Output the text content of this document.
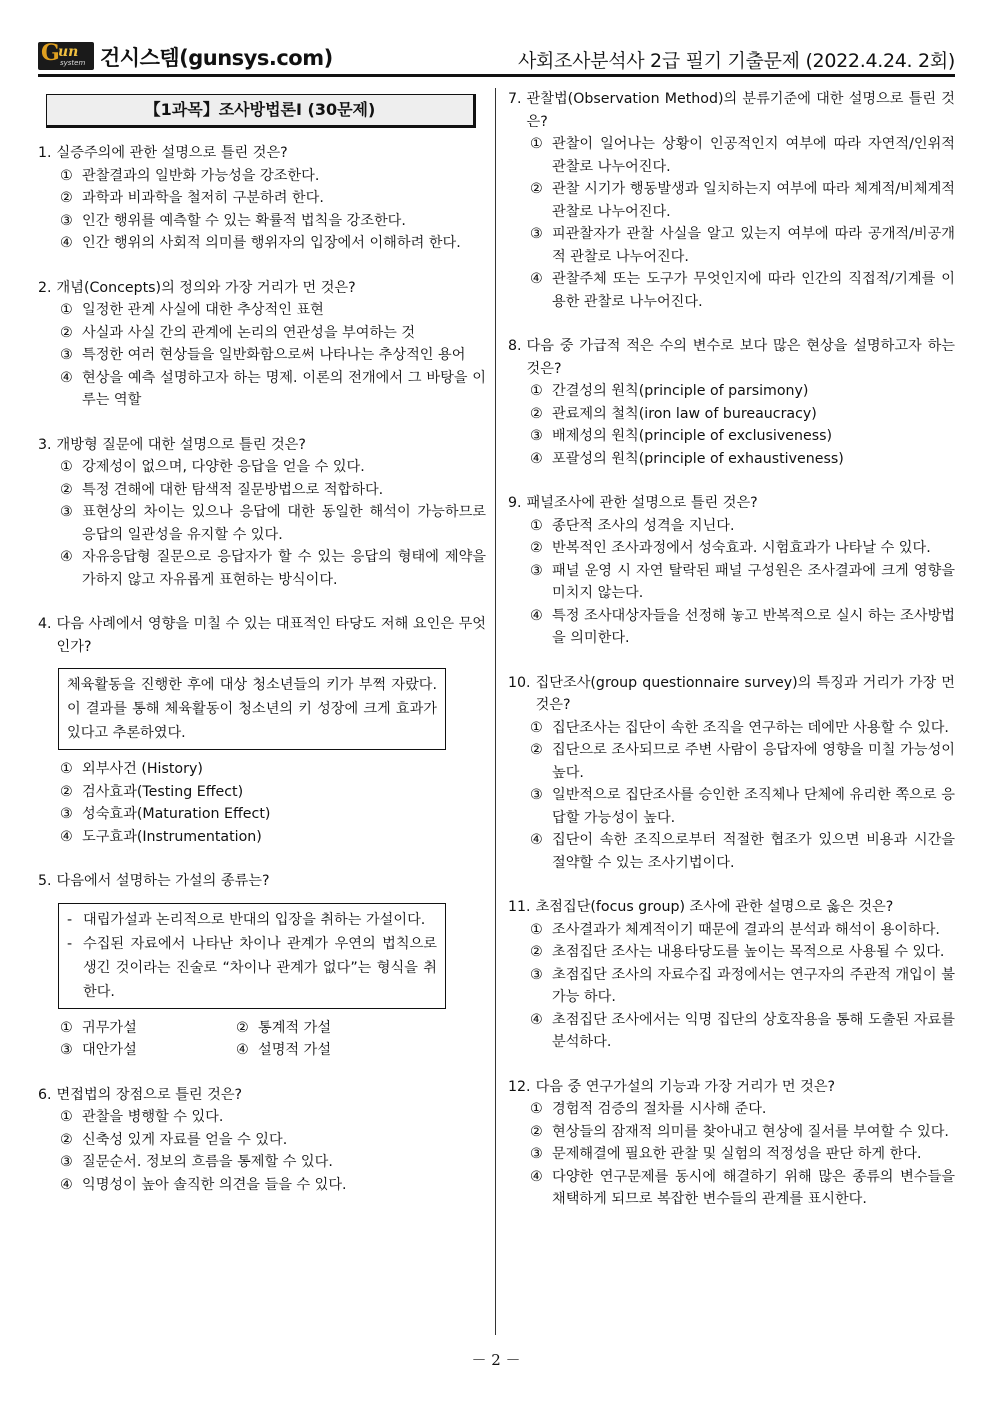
G
un
system 건시스템(gunsys.com)	사회조사분석사 2급 필기 기출문제 (2022.4.24. 2회)
【1과목】조사방법론Ⅰ (30문제)
1. 실증주의에 관한 설명으로 틀린 것은?
① 관찰결과의 일반화 가능성을 강조한다.
② 과학과 비과학을 철저히 구분하려 한다.
③ 인간 행위를 예측할 수 있는 확률적 법칙을 강조한다.
④ 인간 행위의 사회적 의미를 행위자의 입장에서 이해하려 한다.
2. 개념(Concepts)의 정의와 가장 거리가 먼 것은?
① 일정한 관계 사실에 대한 추상적인 표현
② 사실과 사실 간의 관계에 논리의 연관성을 부여하는 것
③ 특정한 여러 현상들을 일반화함으로써 나타나는 추상적인 용어
④ 현상을 예측 설명하고자 하는 명제. 이론의 전개에서 그 바탕을 이루는 역할
3. 개방형 질문에 대한 설명으로 틀린 것은?
① 강제성이 없으며, 다양한 응답을 얻을 수 있다.
② 특정 견해에 대한 탐색적 질문방법으로 적합하다.
③ 표현상의 차이는 있으나 응답에 대한 동일한 해석이 가능하므로 응답의 일관성을 유지할 수 있다.
④ 자유응답형 질문으로 응답자가 할 수 있는 응답의 형태에 제약을 가하지 않고 자유롭게 표현하는 방식이다.
4. 다음 사례에서 영향을 미칠 수 있는 대표적인 타당도 저해 요인은 무엇인가?
체육활동을 진행한 후에 대상 청소년들의 키가 부쩍 자랐다. 이 결과를 통해 체육활동이 청소년의 키 성장에 크게 효과가 있다고 추론하였다.
① 외부사건 (History)
② 검사효과(Testing Effect)
③ 성숙효과(Maturation Effect)
④ 도구효과(Instrumentation)
5. 다음에서 설명하는 가설의 종류는?
- 대립가설과 논리적으로 반대의 입장을 취하는 가설이다.
- 수집된 자료에서 나타난 차이나 관계가 우연의 법칙으로 생긴 것이라는 진술로 “차이나 관계가 없다”는 형식을 취한다.
① 귀무가설	② 통계적 가설
③ 대안가설	④ 설명적 가설
6. 면접법의 장점으로 틀린 것은?
① 관찰을 병행할 수 있다.
② 신축성 있게 자료를 얻을 수 있다.
③ 질문순서. 정보의 흐름을 통제할 수 있다.
④ 익명성이 높아 솔직한 의견을 들을 수 있다.
7. 관찰법(Observation Method)의 분류기준에 대한 설명으로 틀린 것은?
① 관찰이 일어나는 상황이 인공적인지 여부에 따라 자연적/인위적 관찰로 나누어진다.
② 관찰 시기가 행동발생과 일치하는지 여부에 따라 체계적/비체계적 관찰로 나누어진다.
③ 피관찰자가 관찰 사실을 알고 있는지 여부에 따라 공개적/비공개적 관찰로 나누어진다.
④ 관찰주체 또는 도구가 무엇인지에 따라 인간의 직접적/기계를 이용한 관찰로 나누어진다.
8. 다음 중 가급적 적은 수의 변수로 보다 많은 현상을 설명하고자 하는 것은?
① 간결성의 원칙(principle of parsimony)
② 관료제의 철칙(iron law of bureaucracy)
③ 배제성의 원칙(principle of exclusiveness)
④ 포괄성의 원칙(principle of exhaustiveness)
9. 패널조사에 관한 설명으로 틀린 것은?
① 종단적 조사의 성격을 지닌다.
② 반복적인 조사과정에서 성숙효과. 시험효과가 나타날 수 있다.
③ 패널 운영 시 자연 탈락된 패널 구성원은 조사결과에 크게 영향을 미치지 않는다.
④ 특정 조사대상자들을 선정해 놓고 반복적으로 실시 하는 조사방법을 의미한다.
10. 집단조사(group questionnaire survey)의 특징과 거리가 가장 먼 것은?
① 집단조사는 집단이 속한 조직을 연구하는 데에만 사용할 수 있다.
② 집단으로 조사되므로 주변 사람이 응답자에 영향을 미칠 가능성이 높다.
③ 일반적으로 집단조사를 승인한 조직체나 단체에 유리한 쪽으로 응답할 가능성이 높다.
④ 집단이 속한 조직으로부터 적절한 협조가 있으면 비용과 시간을 절약할 수 있는 조사기법이다.
11. 초점집단(focus group) 조사에 관한 설명으로 옳은 것은?
① 조사결과가 체계적이기 때문에 결과의 분석과 해석이 용이하다.
② 초점집단 조사는 내용타당도를 높이는 목적으로 사용될 수 있다.
③ 초점집단 조사의 자료수집 과정에서는 연구자의 주관적 개입이 불가능 하다.
④ 초점집단 조사에서는 익명 집단의 상호작용을 통해 도출된 자료를 분석하다.
12. 다음 중 연구가설의 기능과 가장 거리가 먼 것은?
① 경험적 검증의 절차를 시사해 준다.
② 현상들의 잠재적 의미를 찾아내고 현상에 질서를 부여할 수 있다.
③ 문제해결에 필요한 관찰 및 실험의 적정성을 판단 하게 한다.
④ 다양한 연구문제를 동시에 해결하기 위해 많은 종류의 변수들을 채택하게 되므로 복잡한 변수들의 관계를 표시한다.
－ 2 －
